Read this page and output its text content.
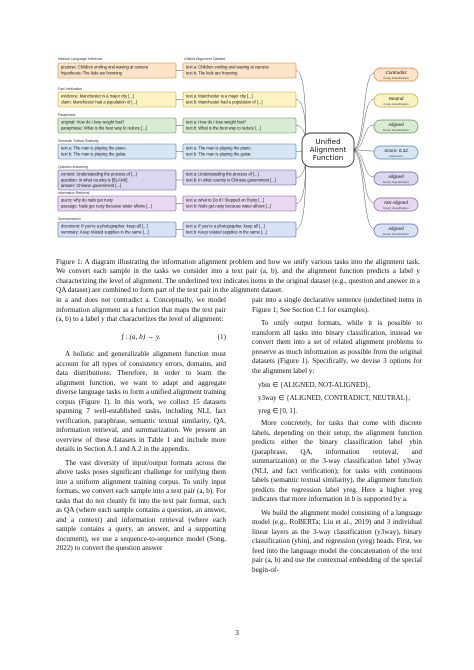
Natural Language Inference	Unified Alignment Dataset
premise: Children smiling and waving at camera
hypothesis: The kids are frowning
text a: Children smiling and waving at camera
text b: The kids are frowning	Contradict
3-way classification
Fact Verification
evidence: Manchester is a major city [...]
claim: Manchester had a population of [...]
text a: Manchester is a major city [...]
text b: Manchester had a population of [...]
Neutral
3-way classification
Paraphrase
original: How do I lose weight fast?
paraphrase: What is the best way to reduce [...]
text a: How do I lose weight fast?
text b: What is the best way to reduce [...]
Aligned
binary classification
Semantic Textual Similarity
text a: The man is playing the piano.
text b: The man is playing the guitar.
text a: The man is playing the piano.
text b: The man is playing the guitar.
Score: 0.32
regression
Question Answering
context: Understanding the process of [...]
question: In what country is [BLANK]
answer: Chinese government [...]
text a: Understanding the process of [...]
text b: In what country is Chinese government [...]
Aligned
binary classification
Information Retrieval
query: why do nails get rusty
passage: Nails get rusty because water allows [...]
text a: what to Do If I Stepped on Rusty [...]
text b: Nails get rusty because water allows [...]
Not Aligned
binary classification
Summarization
document: If you're a photographer, keep all [...]
summary: Keep related supplies in the same [...]
text a: If you're a photographer, keep all [...]
text b: Keep related supplies in the same [...]
Aligned
binary classification
Unified
Alignment
Function
Figure 1: A diagram illustrating the information alignment problem and how we unify various tasks into the alignment task. We convert each sample in the tasks we consider into a text pair (a, b), and the alignment function predicts a label y characterizing the level of alignment. The underlined text indicates items in the original dataset (e.g., question and answer in a QA dataset) are combined to form part of the text pair in the alignment dataset.

in a and does not contradict a. Conceptually, we model information alignment as a function that maps the text pair (a, b) to a label y that characterizes the level of alignment:

f : (a, b) → y.	(1)

A holistic and generalizable alignment function must account for all types of consistency errors, domains, and data distributions. Therefore, in order to learn the alignment function, we want to adapt and aggregate diverse language tasks to form a unified alignment training corpus (Figure 1). In this work, we collect 15 datasets spanning 7 well-established tasks, including NLI, fact verification, paraphrase, semantic textual similarity, QA, information retrieval, and summarization. We present an overview of these datasets in Table 1 and include more details in Section A.1 and A.2 in the appendix.

The vast diversity of input/output formats across the above tasks poses significant challenge for unifying them into a uniform alignment training corpus. To unify input formats, we convert each sample into a text pair (a, b). For tasks that do not cleanly fit into the text pair format, such as QA (where each sample contains a question, an answer, and a context) and information retrieval (where each sample contains a query, an answer, and a supporting document), we use a sequence-to-sequence model (Song, 2022) to convert the question answer

pair into a single declarative sentence (underlined items in Figure 1; See Section C.1 for examples).

To unify output formats, while it is possible to transform all tasks into binary classification, instead we convert them into a set of related alignment problems to preserve as much information as possible from the original datasets (Figure 1). Specifically, we devise 3 options for the alignment label y:

ybin ∈ {ALIGNED, NOT-ALIGNED},
y3way ∈ {ALIGNED, CONTRADICT, NEUTRAL},
yreg ∈ [0, 1].

More concretely, for tasks that come with discrete labels, depending on their setup, the alignment function predicts either the binary classification label ybin (paraphrase, QA, information retrieval, and summarization) or the 3-way classification label y3way (NLI, and fact verification); for tasks with continuous labels (semantic textual similarity), the alignment function predicts the regression label yreg. Here a higher yreg indicates that more information in b is supported by a.

We build the alignment model consisting of a language model (e.g., RoBERTa; Liu et al., 2019) and 3 individual linear layers as the 3-way classification (y3way), binary classification (ybin), and regression (yreg) heads. First, we feed into the language model the concatenation of the text pair (a, b) and use the contextual embedding of the special begin-of-

3
